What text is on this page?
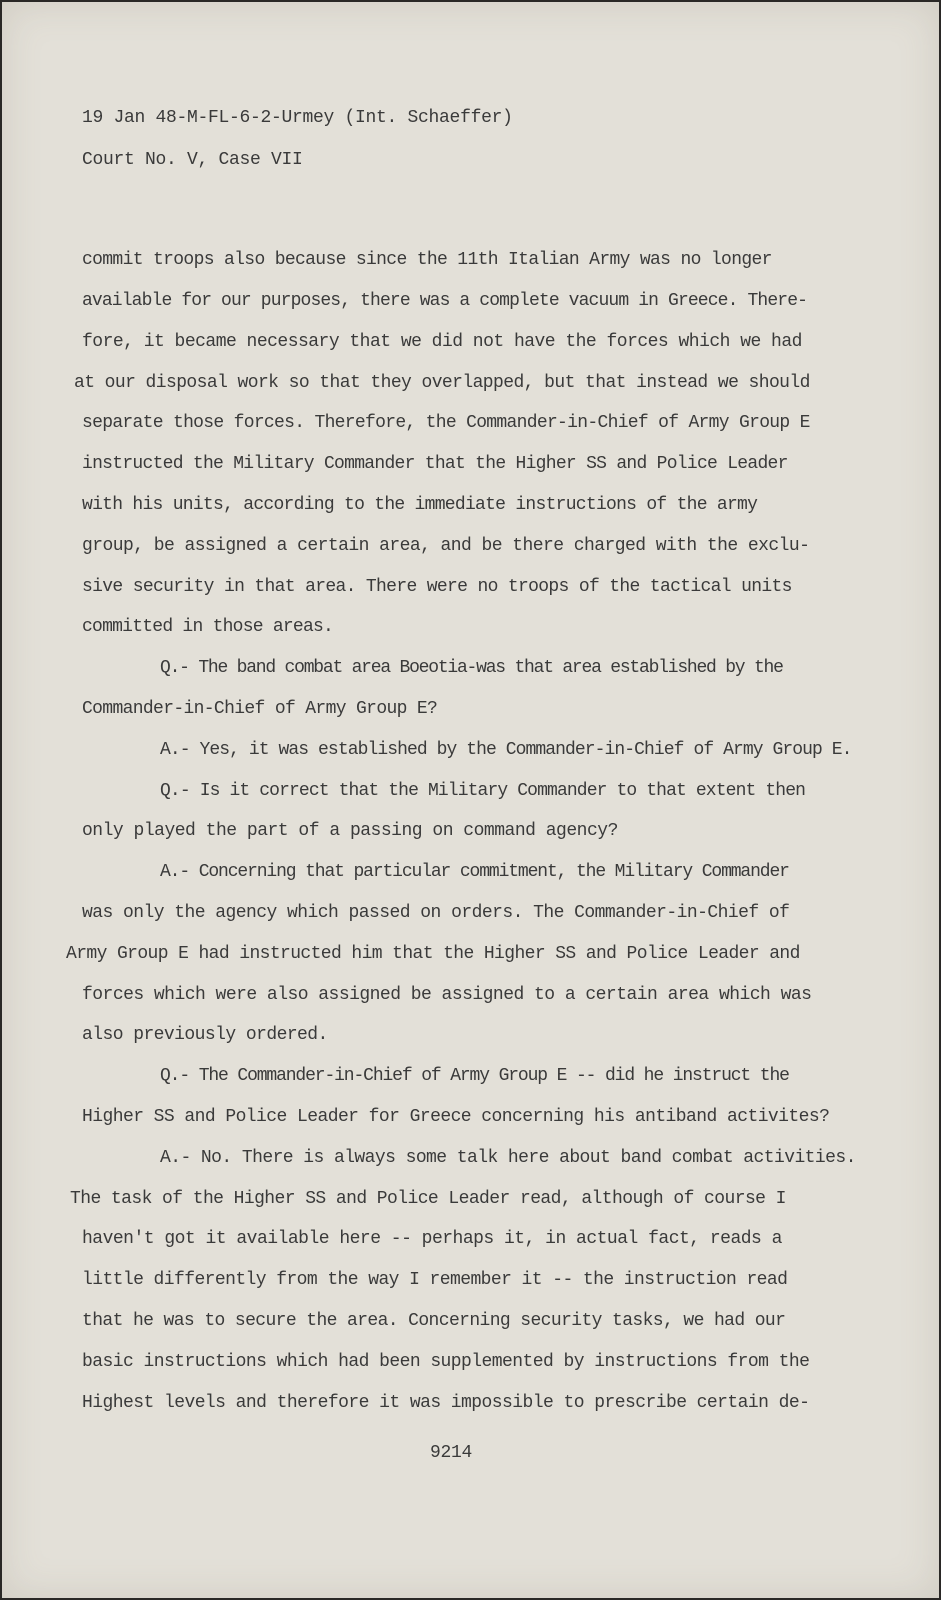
19 Jan 48-M-FL-6-2-Urmey (Int. Schaeffer)
Court No. V, Case VII
commit troops also because since the 11th Italian Army was no longer
available for our purposes, there was a complete vacuum in Greece. There-
fore, it became necessary that we did not have the forces which we had
at our disposal work so that they overlapped, but that instead we should
separate those forces. Therefore, the Commander-in-Chief of Army Group E
instructed the Military Commander that the Higher SS and Police Leader
with his units, according to the immediate instructions of the army
group, be assigned a certain area, and be there charged with the exclu-
sive security in that area. There were no troops of the tactical units
committed in those areas.
Q.- The band combat area Boeotia-was that area established by the
Commander-in-Chief of Army Group E?
A.- Yes, it was established by the Commander-in-Chief of Army Group E.
Q.- Is it correct that the Military Commander to that extent then
only played the part of a passing on command agency?
A.- Concerning that particular commitment, the Military Commander
was only the agency which passed on orders. The Commander-in-Chief of
Army Group E had instructed him that the Higher SS and Police Leader and
forces which were also assigned be assigned to a certain area which was
also previously ordered.
Q.- The Commander-in-Chief of Army Group E -- did he instruct the
Higher SS and Police Leader for Greece concerning his antiband activites?
A.- No. There is always some talk here about band combat activities.
The task of the Higher SS and Police Leader read, although of course I
haven't got it available here -- perhaps it, in actual fact, reads a
little differently from the way I remember it -- the instruction read
that he was to secure the area. Concerning security tasks, we had our
basic instructions which had been supplemented by instructions from the
Highest levels and therefore it was impossible to prescribe certain de-
9214
